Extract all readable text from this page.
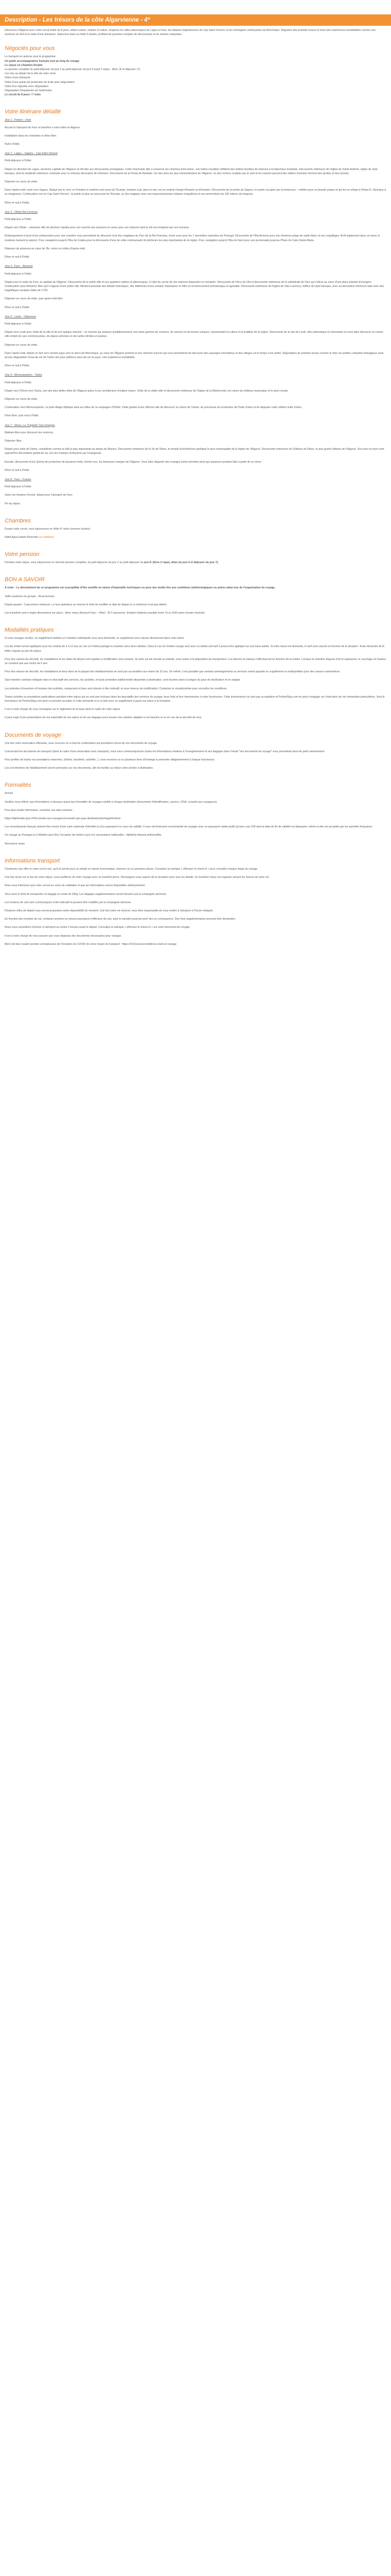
Description - Les trésors de la côte Algarvienne - 4*

Découvrez l'Algarve avec notre circuit étoilé de 8 jours, alliant culture, histoire et nature. Explorez les villes pittoresques de Lagos et Faro, les falaises majestueuses de Cap Saint-Vincent, et les montagnes verdoyantes de Monchique. Dégustez des produits locaux et vivez des expériences inoubliables comme une aventure en 4x4 et la visite d'une drimaerie. Séjournez dans un hôtel 4 étoiles, profitant de journées remplies de découvertes et de soirées relaxantes.

Négociés pour vous
Le transport en autocar pour le programme
Un guide accompagnateur français tout au long du voyage
Le séjour en Chambre Double
La pension complète du petit-déjeuner du jour 2 au petit-déjeuner du jour 8 (sauf 2 repas : dîner J6 et déjeuner J7)
Les vins au départ de la ville de votre choix
Visite d'une drimaerie
Visite d'une quinta de production de fruits avec dégustation
Visite d'un vignoble avec dégustation
Dégustation d'équatoriés de madrendes
Le circuit de 8 jours / 7 nuits
Votre itinéraire détaillé

Jour 1 : France – Faro

Accueil à l'aéroport de Faro et transfert à votre hôtel en Algarve.

Installation dans les chambres et dîner libre.

Nuit à l'hôtel.

Jour 2 : Lagos – Sagres – Cap Saint-Vincent

Petit-déjeuner à l'hôtel.

Départ en direction de Lagos, ancienne capitale de l'Algarve et cité liée aux découvertes portugaises. Cette charmante ville a conservé ses charmes d'ancetans ; ses belles murailles reflètent des vieilles bordées de maisons à la blancheur éclatante. Découverte extérieure de l'église de Santo António, église de style baroque, dont la simplicité extérieure contraste avec la richesse décorative de l'intérieur. Découverte de la Ponta da Piedade, l'un des sites les plus extraordinaires de l'Algarve, où des rochers sculptés par le vent et les marées peuvent des milliers d'années forment des grottes et des tunnels.

Déjeuner en cours de visite.

Dans l'après-midi, route vers Sagres. Balayé par le vent, ce Finistère à extrême sud-ouest de l'Europe, bordant à pic dans la mer, est un endroit chargé d'histoire et d'émotion. Découverte de la pointe de Sagres, en partie occupée par la forteresse – célèbre pour sa beauté unique et qui fut un refuge à l'Infant D. Henrique à sa vengeance. Continuation vers le Cap Saint-Vincent : la pointe la plus au sud-ouest de l'Europe, un lieu magique avec ses impressionnantes falaises irrégulières et son promontoire de 100 mètres de longueur.

Dîner et nuit à l'hôtel.

Jour 3 : Olhão Ria Formosa

Petit-déjeuner à l'hôtel.

Départ vers Olhão – ancienne ville de pêcheur réputée pour son marché aux poissons et connu pour ses maisons dont le toit est remplacé par une terrasse.

Embarquement à bord d'une embarcation pour une croisière vous permettant de découvrir trois îles magiques du Parc de la Ria Formosa, d'une zone pour les 7 merveilles naturelles du Portugal. Découverte de l'Ilha Armona avec son immense plage de sable blanc et ses coquillages. Arrêt également dans un vieux et modeste (suivant la saison). Puis, navigation jusqu'à l'Ilha da Culatra pour la découverte d'une de cette communauté de pêcheurs les plus importantes de la région. Puis, navigation jusqu'à l'Ilha do Farol pour une promenade jusqu'au Phare du Cabo Santa Maria.

Déjeuner de poissons au cœur de l'île, retour en milieu d'après-midi.

Dîner et nuit à l'hôtel.

Jour 4 : Faro – Almancil

Petit-déjeuner à l'hôtel.

Départ pour la visite de Faro, la capitale de l'Algarve. Découverte de la vieille ville et ses quartiers calmes et pittoresques, à l'abri du cercle de ses maisons disposées en remparts. Découverte de l'Arco da Vila et découverte extérieure de la cathédrale de Faro qui s'élève au cœur d'une place plantée d'orangers. Continuation pour Almancil. Bien qu'il s'agisse d'une petite ville, Almancil possède des détails historiques, des bâtiments d'une certaine importance et offre un environnement préhistorique et agréable. Découverte extérieure de l'église de São Lourenço, édifice de style baroque, avec sa décoration intérieure faite avec des magnifiques azulejos datés de 1730.

Déjeuner en cours de visite, puis après-midi libre.

Dîner et nuit à l'hôtel.

Jour 5 : Loulé – Vilamoura

Petit-déjeuner à l'hôtel.

Départ vers Loulé pour visite de la ville et de son typique marché – un marché qui propose quotidiennement une vaste gamme de couleurs, de saveurs et de termes uniques, représentant la culture et la tradition de la région. Découverte de la cité de Loulé, ville authentique et charmante où vous allez découvrir un centre-ville rempli de rues commerçantes, de places arborées et de ruelles étroites et pavées.

Déjeuner en cours de visite.

Dans l'après-midi, départ en 4x4 vers l'arrière pays vers la Serra de Monchique, au cœur de l'Algarve profond et ses chemins d'accès qui vous permettront de découvrir des paysages merveilleux et des villages où le temps s'est arrêté. Dégustation de produits locaux comme le miel, les petites compotes biologiques ainsi qu'une dégustation d'eau-de-vie de l'arbre des plus célèbres eaux-de-vie du pays. Une expérience inoubliable.

Dîner et nuit à l'hôtel.

Jour 6 : Monocarpache – Tavira

Petit-déjeuner à l'hôtel.

Départ vers l'Orient vers Tavira, une des plus belles villes de l'Algarve grâce à son architecture d'origine maure. Visite de la vieille ville et découverte extérieure de l'église de la Miséricorde, les ruines du château mauresque et le pont romain.

Déjeuner en cours de visite.

Continuation vers Monocarpache, un petit village idyllique situé au milieu de la campagne d'Olhão. Visite guidée d'une officerie afin de découvrir la culture de l'olivier, du processus de production de l'huile d'olive et de déguster cette célèbre huile d'olive.

Dîner libre, puis nuit à l'hôtel.

Jour 7 : Silves, La "Capitale" Des Oranges

Matinée libre pour découvrir les environs.

Déjeuner libre.

Départ pour visite de Silves, considérée comme la ville la plus importante au temps de Mauros. Découverte extérieure de la Sé de Silves, le temple d'architecture gothique le plus remarquable de la région de l'Algarve. Découverte extérieure du Château de Silves, le plus grand château de l'Algarve. Ses tours et murs sont aujourd'hui discordants parfait de sur une les champs verdoyants par l'orangeraie.

Ensuite, découverte d'une Quinta de production de plusieurs fruits, d'entre eux, les fameuses oranges de l'Algarve. Vous allez déguster des oranges (selon période) ainsi que plusieurs produits faits à partir de ce citron.

Dîner et nuit à l'hôtel.

Jour 8 : Faro – France

Petit-déjeuner à l'hôtel.

Selon les horaires d'envol, départ pour l'aéroport de Faro.

Fin du séjour.

Chambres

Durant votre circuit, vous séjournerez en hôtel 4* selon (normes locales).

Hôtel Agua Hotels Riverside (ou similaire)

Votre pension

Pendant votre séjour, vous séjournerez en formule pension complète, du petit déjeuner du jour 2 au petit déjeuner du jour 8. (Hors 2 repas, dîner du jour 6 et déjeuner du jour 7).

BON A SAVOIR

A noter : Le déroulement de ce programme est susceptible d'être modifié en raison d'impératifs techniques ou pour des motifs liés aux conditions météorologiques ou autres aléas lors de l'organisation du voyage.

Taille maximum du groupe : 49 personnes

Départ garanti : 2 personnes minimum. Le tour-opérateur se réserve le droit de modifier la date de départ si ce minimum n'est pas atteint.

Les transferts sont à régler directement sur place : dîner retour Aéroport Faro – Hôtel : 25 € /personne. Enfants d'attente possible entre 1h et 1h30 selon horaire d'arrivée.

Modalités pratiques

Si vous voyagez seul(e), un supplément tarifaire en chambre individuelle vous sera demandé, ce supplément sera calculé directement dans votre devis.

Les lits enfant seront appliqués pour les enfants de 2 à 12 ans au cas où l'enfant partage la chambre avec deux adultes. Dans le cas où l'enfant voyage seul avec un adulte soit tarif 3 pourra être appliqué sur une base adulte. Si votre travel est demandé, le tarif sera calculé en fonction de la situation. Toute demande de lit bébé s'ajoute au prix du séjour.

Pour des raisons de sécurité, les installations et les dates de départ sont sujettes à modification sans préavis. Si votre vol est annulé ou retardé, vous restez à la disposition du transporteur. Les liaisons en bateau s'effectueront en fonction de la météo. Lorsque la chambre dispose d'un lit superposé, le couchage en hauteur ne convient pas aux moins de 6 ans.

Pour des raisons de sécurité, les installations et lieux dans de la plupart des établissements ne sont pas accessibles aux moins de 15 ans. De même, il est possible que certains aménagements ou services soient payants en supplément ou indisponibles pour des raisons saisonnières.

Sauf mention contraire indiquée dans le descriptif des services, les activités, et toute prestation additionnelle disponible à destination, sont fournies dans la langue du pays de destination et en anglais.

Les périodes d'ouverture et horaires des activités, restaurants et bars sont donnés à titre indicatif, et sous réserve de modification. Contactez le réceptionniste pour connaître les conditions.

Toutes activités ou prestations particulières pendant votre séjour qui ne sont pas incluses dans les descriptifs des services du voyage, leurs frais et leur transmission à notre fournisseur. Cette transmission ne vaut pas acceptation et PerfectStay.com ne peut s'engager sur l'exécution de ces demandes particulières. Seul le fournisseur de PerfectStay.com peut ou prendre accepter si cette demande et à un tarif avec un supplément à payer sur place à la réception.

Il est à votre charge de vous renseigner sur le règlement de la base dans le cadre de votre séjour.

Il peut s'agir d'une présentation de vos impératifs de vos séjour et de vos bagages pour trouver une solution adaptée à vos besoins et ce en vue de la sécurité de tous.

Documents de voyage

Une fois votre réservation effectuée, vous recevrez un e-mail de confirmation qui précédera l'envoi de vos documents de voyage.

Concernant les documents de transport (dans le cadre d'une réservation avec transport), nous vous communiquerons toutes les informations relatives à l'enregistrement et aux bagages dans l'email "Vos documents de voyage" vous permettant ainsi de partir sereinement.

Pour profiter de toutes vos prestations réservées, (hôtels, transferts, activités...), vous recevrez un ou plusieurs bons d'échange à présenter obligatoirement à chaque fournisseur.

Les coordonnées de l'établissement seront précisées sur vos documents, afin de faciliter au mieux votre arrivée à destination.

Formalités

Arrivée

Veuillez vous référer aux informations ci-dessous quant aux formalités de voyages relatifs à chaque destination (documents d'identification, vaccins, VISA, conseils aux voyageurs).

Pour plus ample information, consulter aux sites suivants :

https://diplomatie.gouv.fr/fr/conseils-aux-voyageurs/conseils-par-pays-destination/portugal/#entree

Les ressortissants français doivent être munis d'une carte nationale d'identité ou d'un passeport en cours de validité. Il vous est fortement recommandé de voyager avec un passeport valide plutôt qu'avec une CNI dont la date de fin de validité est dépassée, même si elle est acceptée par les autorités françaises.

Un voyage au Portugal ou à Madère peut être l'occasion de mettre à jour les vaccinations habituelles : diphtérie-tétanos-poliomyélite.

Assurance repas

Informations transport

Choisissez une offre et votre vol en une, qu'il se perde pour un simple en classe économique, réservez un ou premiere classe. Consultez la rubrique « effectuer le check-in » pour connaître chaque étape du voyage.

Une fois arrivé sur le lieu de votre séjour, vous profiterez de votre voyage avec un transfert prévu. Renseignez-vous auprès de la réception pour tous les détails. Un transfert retour est organisé suivant les heures de votre vol.

Nous vous informons que votre vol est en cours de validation et que les informations seront disponibles ultérieurement.

Vous avez le droit de transporter un bagage en soute de 20kg. Les bagages supplémentaires seront facturés par la compagnie aérienne.

Les horaires de vols sont communiqués à titre indicatif et peuvent être modifiés par la compagnie aérienne.

Plusieurs villes de départ vous seront proposées selon disponibilité du moment. Une fois votre vol réservé, vous êtes responsable de vous rendre à l'aéroport à l'heure indiquée.

En fonction des horaires de vol, certaines arrivées ou retours pourraient s'effectuer de nuit, ainsi le transfert pourrait avoir lieu en conséquence. Des frais supplémentaires pourront être demandés.

Nous vous conseillons d'arriver à l'aéroport au moins 2 heures avant le départ. Consultez la rubrique « effectuer le check-in » sur votre document de voyage.

Il est à votre charge de vous assurer que vous disposez des documents nécessaires pour voyager.

Merci de bien vouloir prendre connaissance de l'évolution de COVID de votre moyen de transport : https://XXX/accès/conditions-covid-en-voyage
